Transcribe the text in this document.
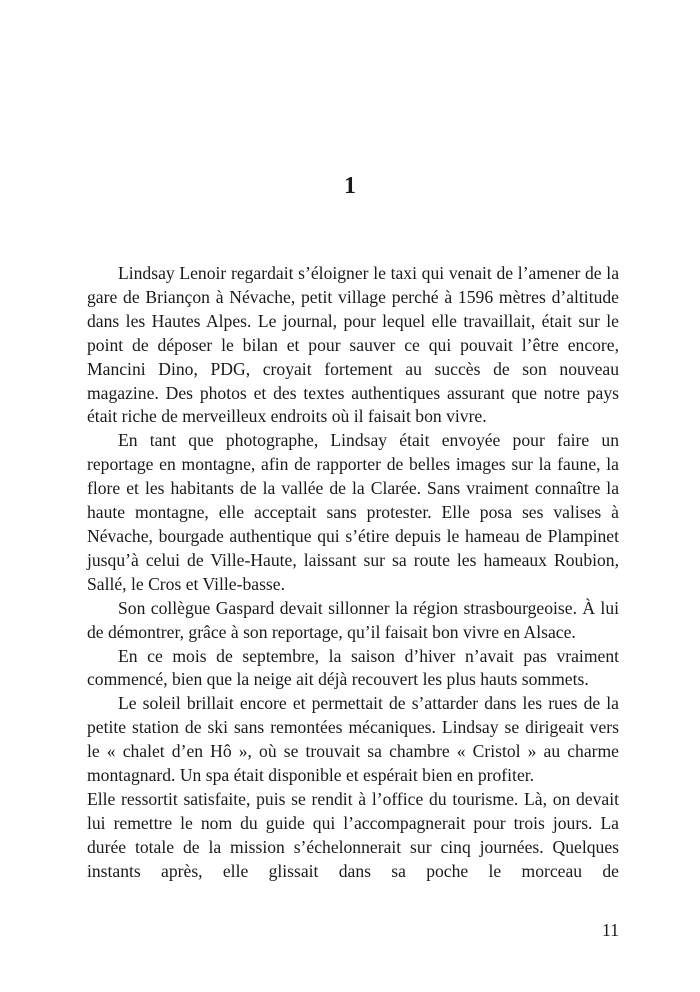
1

Lindsay Lenoir regardait s’éloigner le taxi qui venait de l’amener de la gare de Briançon à Névache, petit village perché à 1596 mètres d’altitude dans les Hautes Alpes. Le journal, pour lequel elle travaillait, était sur le point de déposer le bilan et pour sauver ce qui pouvait l’être encore, Mancini Dino, PDG, croyait fortement au succès de son nouveau magazine. Des photos et des textes authentiques assurant que notre pays était riche de merveilleux endroits où il faisait bon vivre.

En tant que photographe, Lindsay était envoyée pour faire un reportage en montagne, afin de rapporter de belles images sur la faune, la flore et les habitants de la vallée de la Clarée. Sans vraiment connaître la haute montagne, elle acceptait sans protester. Elle posa ses valises à Névache, bourgade authentique qui s’étire depuis le hameau de Plampinet jusqu’à celui de Ville-Haute, laissant sur sa route les hameaux Roubion, Sallé, le Cros et Ville-basse.

Son collègue Gaspard devait sillonner la région strasbourgeoise. À lui de démontrer, grâce à son reportage, qu’il faisait bon vivre en Alsace.

En ce mois de septembre, la saison d’hiver n’avait pas vraiment commencé, bien que la neige ait déjà recouvert les plus hauts sommets.

Le soleil brillait encore et permettait de s’attarder dans les rues de la petite station de ski sans remontées mécaniques. Lindsay se dirigeait vers le « chalet d’en Hô », où se trouvait sa chambre « Cristol » au charme montagnard. Un spa était disponible et espérait bien en profiter.

Elle ressortit satisfaite, puis se rendit à l’office du tourisme. Là, on devait lui remettre le nom du guide qui l’accompagnerait pour trois jours. La durée totale de la mission s’échelonnerait sur cinq journées. Quelques instants après, elle glissait dans sa poche le morceau de

11
